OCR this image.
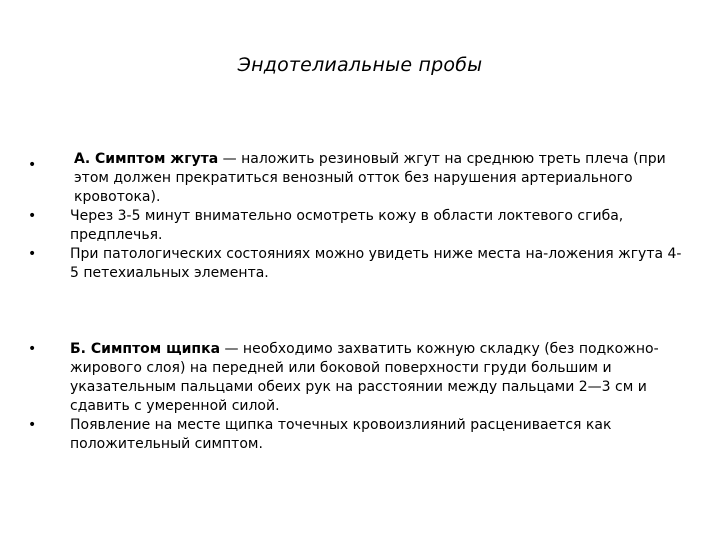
Эндотелиальные пробы
•	А. Симптом жгута — наложить резиновый жгут на среднюю треть плеча (при этом должен прекратиться венозный отток без нарушения артериального кровотока).
•	Через 3-5 минут внимательно осмотреть кожу в области локтевого сгиба, предплечья.
•	При патологических состояниях можно увидеть ниже места на-ложения жгута 4-5 петехиальных элемента.
•	Б. Симптом щипка — необходимо захватить кожную складку (без подкожно-жирового слоя) на передней или боковой поверхности груди большим и указательным пальцами обеих рук на расстоянии между пальцами 2—3 см и сдавить с умеренной силой.
•	Появление на месте щипка точечных кровоизлияний расценивается как положительный симптом.
